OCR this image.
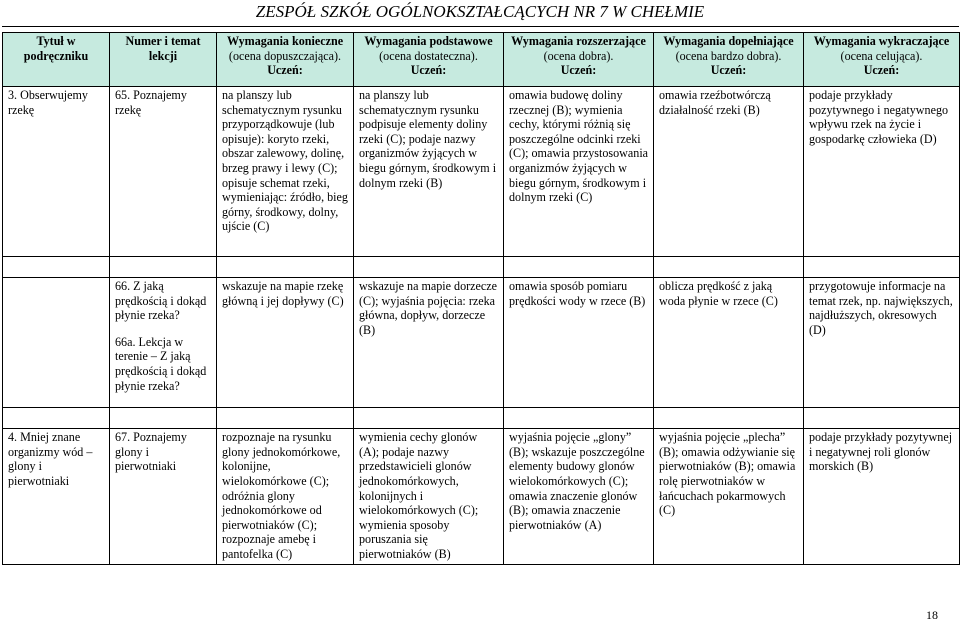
ZESPÓŁ SZKÓŁ OGÓLNOKSZTAŁCĄCYCH NR 7 W CHEŁMIE
Tytuł w podręczniku	Numer i temat lekcji	Wymagania konieczne
(ocena dopuszczająca).
Uczeń:	Wymagania podstawowe
(ocena dostateczna).
Uczeń:	Wymagania rozszerzające
(ocena dobra).
Uczeń:	Wymagania dopełniające
(ocena bardzo dobra).
Uczeń:	Wymagania wykraczające
(ocena celująca).
Uczeń:

3. Obserwujemy rzekę	65. Poznajemy rzekę	na planszy lub schematycznym rysunku przyporządkowuje (lub opisuje): koryto rzeki, obszar zalewowy, dolinę, brzeg prawy i lewy (C); opisuje schemat rzeki, wymieniając: źródło, bieg górny, środkowy, dolny, ujście (C)	na planszy lub schematycznym rysunku podpisuje elementy doliny rzeki (C); podaje nazwy organizmów żyjących w biegu górnym, środkowym i dolnym rzeki (B)	omawia budowę doliny rzecznej (B); wymienia cechy, którymi różnią się poszczególne odcinki rzeki (C); omawia przystosowania organizmów żyjących w biegu górnym, środkowym i dolnym rzeki (C)	omawia rzeźbotwórczą działalność rzeki (B)	podaje przykłady pozytywnego i negatywnego wpływu rzek na życie i gospodarkę człowieka (D)

	66. Z jaką prędkością i dokąd płynie rzeka?
66a. Lekcja w terenie – Z jaką prędkością i dokąd płynie rzeka?	wskazuje na mapie rzekę główną i jej dopływy (C)	wskazuje na mapie dorzecze (C); wyjaśnia pojęcia: rzeka główna, dopływ, dorzecze (B)	omawia sposób pomiaru prędkości wody w rzece (B)	oblicza prędkość z jaką woda płynie w rzece (C)	przygotowuje informacje na temat rzek, np. największych, najdłuższych, okresowych (D)

4. Mniej znane organizmy wód – glony i pierwotniaki	67. Poznajemy glony i pierwotniaki	rozpoznaje na rysunku glony jednokomórkowe, kolonijne, wielokomórkowe (C); odróżnia glony jednokomórkowe od pierwotniaków (C); rozpoznaje amebę i pantofelka (C)	wymienia cechy glonów (A); podaje nazwy przedstawicieli glonów jednokomórkowych, kolonijnych i wielokomórkowych (C); wymienia sposoby poruszania się pierwotniaków (B)	wyjaśnia pojęcie „glony” (B); wskazuje poszczególne elementy budowy glonów wielokomórkowych (C); omawia znaczenie glonów (B); omawia znaczenie pierwotniaków (A)	wyjaśnia pojęcie „plecha” (B); omawia odżywianie się pierwotniaków (B); omawia rolę pierwotniaków w łańcuchach pokarmowych (C)	podaje przykłady pozytywnej i negatywnej roli glonów morskich (B)
18
